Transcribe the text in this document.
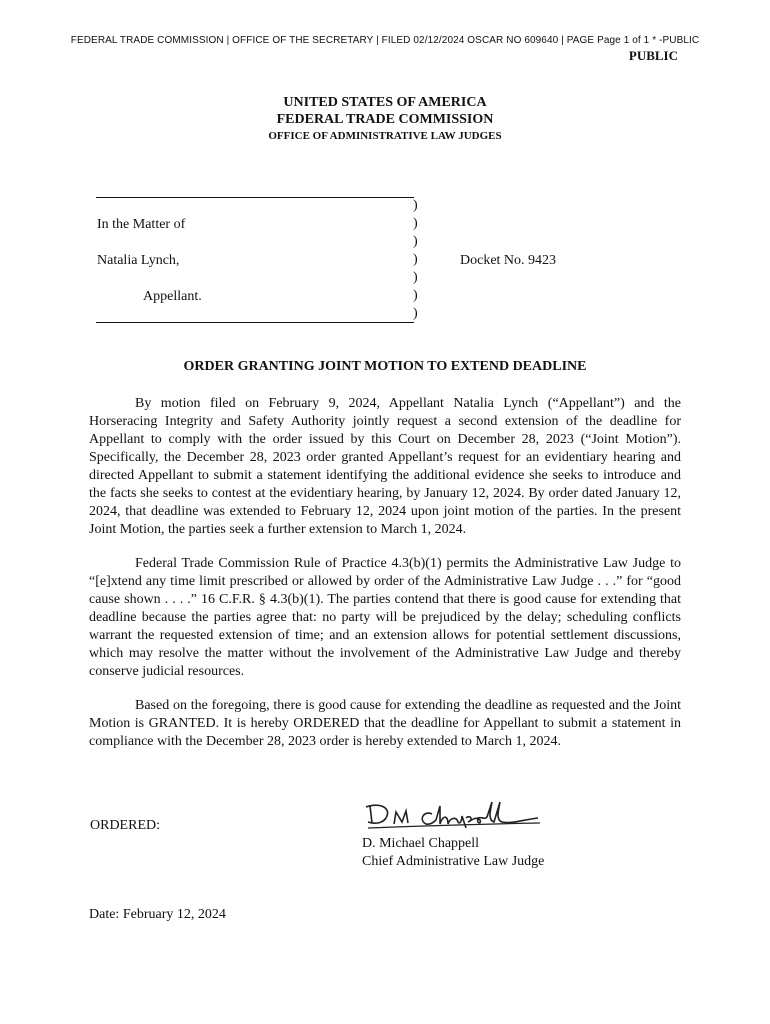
FEDERAL TRADE COMMISSION | OFFICE OF THE SECRETARY | FILED 02/12/2024 OSCAR NO 609640 | PAGE Page 1 of 1 * -PUBLIC
PUBLIC
UNITED STATES OF AMERICA
FEDERAL TRADE COMMISSION
OFFICE OF ADMINISTRATIVE LAW JUDGES
)
)
)
)
)
)
)
In the Matter of
Natalia Lynch,
Appellant.
Docket No. 9423
ORDER GRANTING JOINT MOTION TO EXTEND DEADLINE

By motion filed on February 9, 2024, Appellant Natalia Lynch (“Appellant”) and the Horseracing Integrity and Safety Authority jointly request a second extension of the deadline for Appellant to comply with the order issued by this Court on December 28, 2023 (“Joint Motion”). Specifically, the December 28, 2023 order granted Appellant’s request for an evidentiary hearing and directed Appellant to submit a statement identifying the additional evidence she seeks to introduce and the facts she seeks to contest at the evidentiary hearing, by January 12, 2024. By order dated January 12, 2024, that deadline was extended to February 12, 2024 upon joint motion of the parties. In the present Joint Motion, the parties seek a further extension to March 1, 2024.

Federal Trade Commission Rule of Practice 4.3(b)(1) permits the Administrative Law Judge to “[e]xtend any time limit prescribed or allowed by order of the Administrative Law Judge . . .” for “good cause shown . . . .” 16 C.F.R. § 4.3(b)(1). The parties contend that there is good cause for extending that deadline because the parties agree that: no party will be prejudiced by the delay; scheduling conflicts warrant the requested extension of time; and an extension allows for potential settlement discussions, which may resolve the matter without the involvement of the Administrative Law Judge and thereby conserve judicial resources.

Based on the foregoing, there is good cause for extending the deadline as requested and the Joint Motion is GRANTED. It is hereby ORDERED that the deadline for Appellant to submit a statement in compliance with the December 28, 2023 order is hereby extended to March 1, 2024.

ORDERED:
D. Michael Chappell
Chief Administrative Law Judge
Date: February 12, 2024
